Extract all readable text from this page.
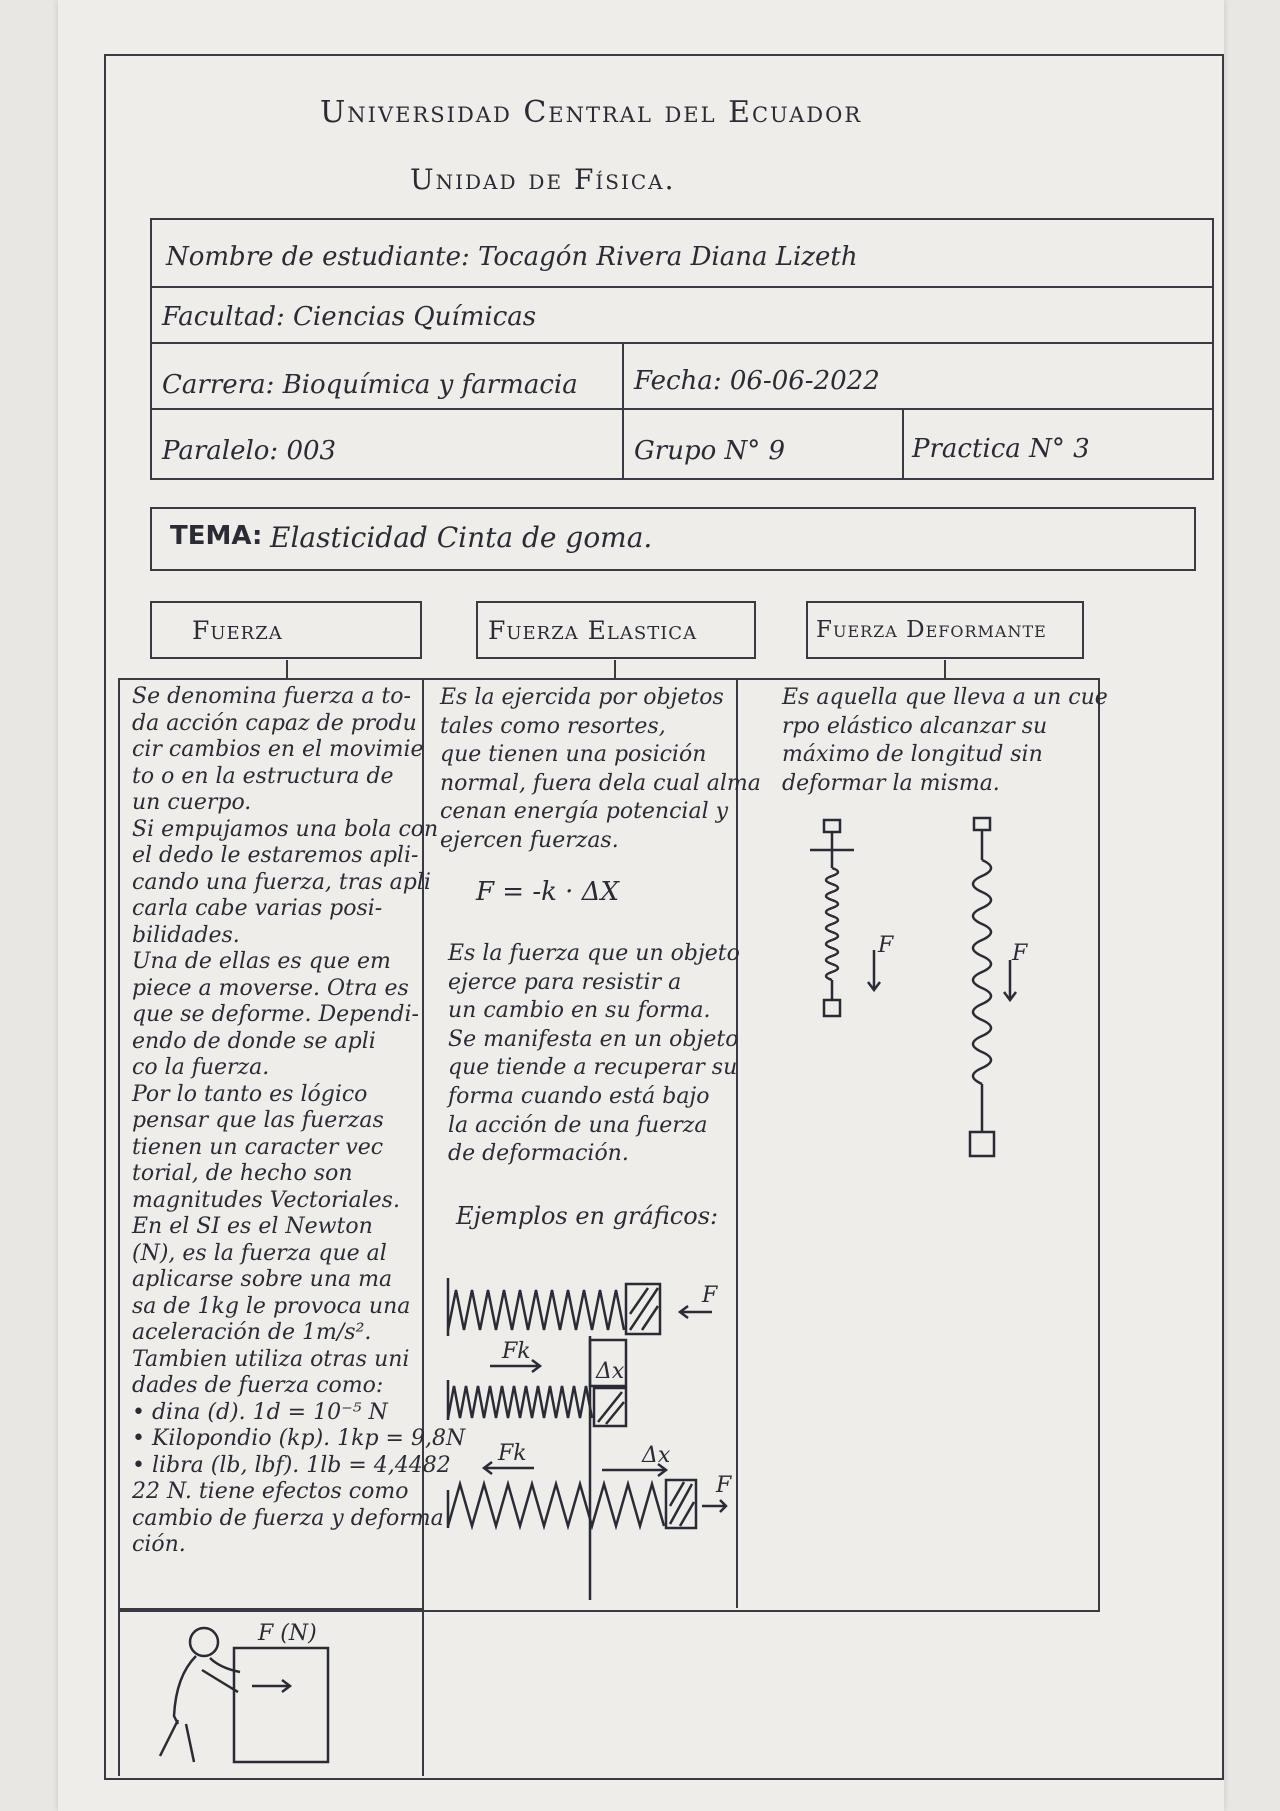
Universidad Central del Ecuador
Unidad de Física.
Nombre de estudiante: Tocagón Rivera Diana Lizeth
Facultad: Ciencias Químicas
Carrera: Bioquímica y farmacia Fecha: 06-06-2022
Paralelo: 003	Grupo N° 9	Practica N° 3
TEMA: Elasticidad Cinta de goma.
Fuerza	Fuerza Elastica	Fuerza Deformante
Se denomina fuerza a to-
da acción capaz de produ
cir cambios en el movimie
to o en la estructura de
un cuerpo.
Si empujamos una bola con
el dedo le estaremos apli-
cando una fuerza, tras apli
carla cabe varias posi-
bilidades.
Una de ellas es que em
piece a moverse. Otra es
que se deforme. Dependi-
endo de donde se apli
co la fuerza.
Por lo tanto es lógico
pensar que las fuerzas
tienen un caracter vec
torial, de hecho son
magnitudes Vectoriales.
En el SI es el Newton
(N), es la fuerza que al
aplicarse sobre una ma
sa de 1kg le provoca una
aceleración de 1m/s².
Tambien utiliza otras uni
dades de fuerza como:
• dina (d). 1d = 10⁻⁵ N
• Kilopondio (kp). 1kp = 9,8N
• libra (lb, lbf). 1lb = 4,4482
22 N. tiene efectos como
cambio de fuerza y deforma
ción.
Es la ejercida por objetos
tales como resortes,
que tienen una posición
normal, fuera dela cual alma
cenan energía potencial y
ejercen fuerzas.
F = -k · ΔX
Es la fuerza que un objeto
ejerce para resistir a
un cambio en su forma.
Se manifesta en un objeto
que tiende a recuperar su
forma cuando está bajo
la acción de una fuerza
de deformación.
Ejemplos en gráficos:
Es aquella que lleva a un cue
rpo elástico alcanzar su
máximo de longitud sin
deformar la misma.
F
Fk
Δx
Fk	Δx
F
F	F
F (N)
